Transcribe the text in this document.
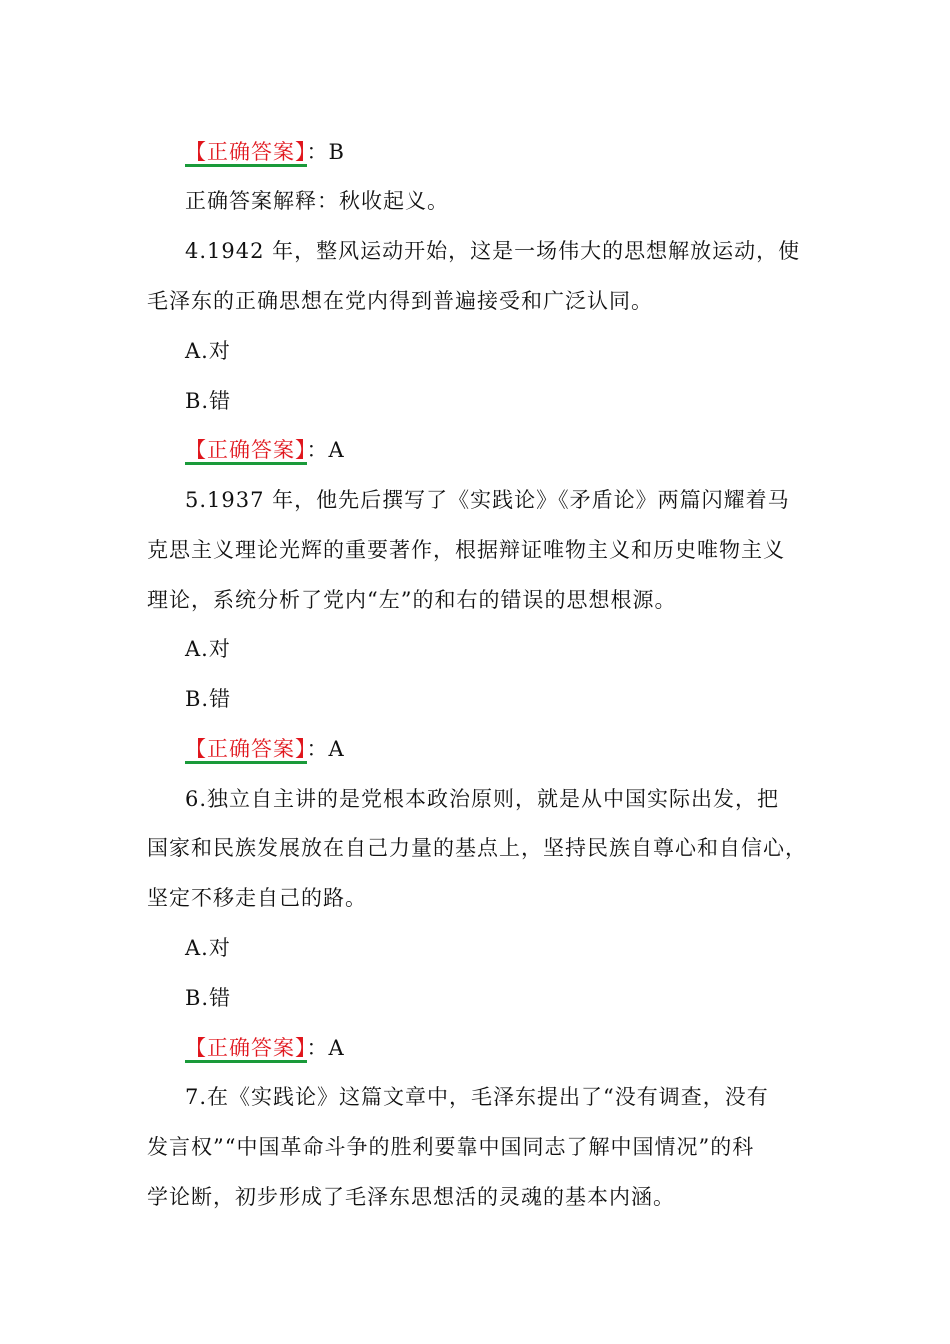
【正确答案】：B
正确答案解释：秋收起义。
4.1942 年，整风运动开始，这是一场伟大的思想解放运动，使
毛泽东的正确思想在党内得到普遍接受和广泛认同。
A.对
B.错
【正确答案】：A
5.1937 年，他先后撰写了《实践论》《矛盾论》两篇闪耀着马
克思主义理论光辉的重要著作，根据辩证唯物主义和历史唯物主义
理论，系统分析了党内“左”的和右的错误的思想根源。
A.对
B.错
【正确答案】：A
6.独立自主讲的是党根本政治原则，就是从中国实际出发，把
国家和民族发展放在自己力量的基点上，坚持民族自尊心和自信心，
坚定不移走自己的路。
A.对
B.错
【正确答案】：A
7.在《实践论》这篇文章中，毛泽东提出了“没有调查，没有
发言权”“中国革命斗争的胜利要靠中国同志了解中国情况”的科
学论断，初步形成了毛泽东思想活的灵魂的基本内涵。
